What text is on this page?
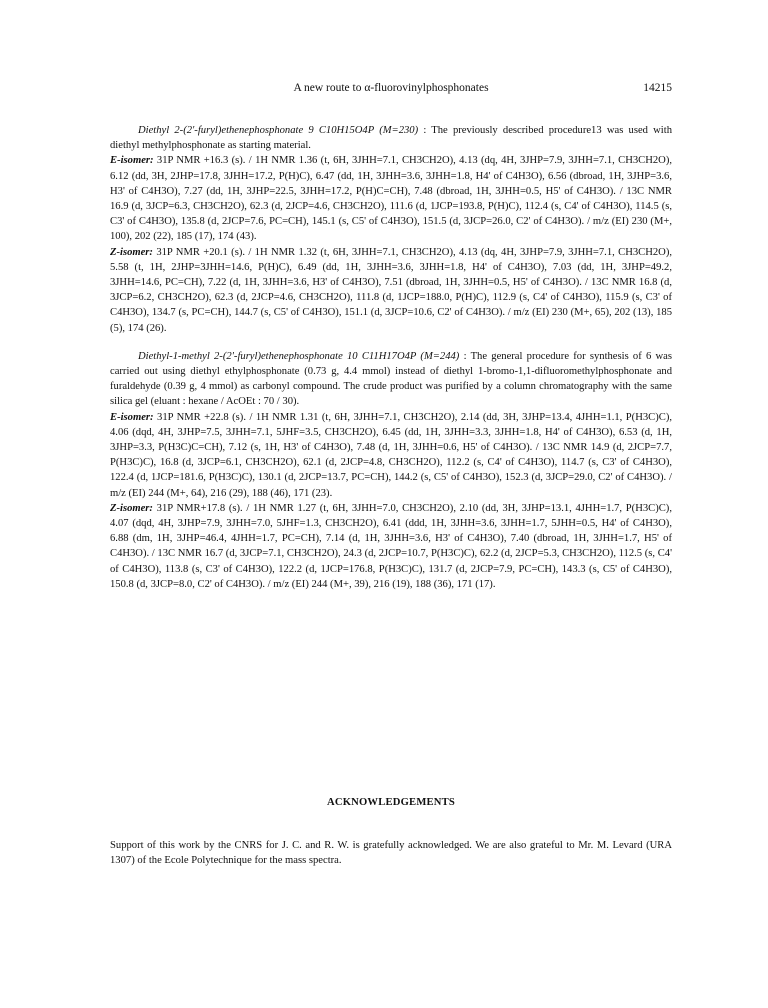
A new route to α-fluorovinylphosphonates	14215

Diethyl 2-(2'-furyl)ethenephosphonate 9 C10H15O4P (M=230) : The previously described procedure13 was used with diethyl methylphosphonate as starting material.

E-isomer: 31P NMR +16.3 (s). / 1H NMR 1.36 (t, 6H, 3JHH=7.1, CH3CH2O), 4.13 (dq, 4H, 3JHP=7.9, 3JHH=7.1, CH3CH2O), 6.12 (dd, 3H, 2JHP=17.8, 3JHH=17.2, P(H)C), 6.47 (dd, 1H, 3JHH=3.6, 3JHH=1.8, H4' of C4H3O), 6.56 (dbroad, 1H, 3JHP=3.6, H3' of C4H3O), 7.27 (dd, 1H, 3JHP=22.5, 3JHH=17.2, P(H)C=CH), 7.48 (dbroad, 1H, 3JHH=0.5, H5' of C4H3O). / 13C NMR 16.9 (d, 3JCP=6.3, CH3CH2O), 62.3 (d, 2JCP=4.6, CH3CH2O), 111.6 (d, 1JCP=193.8, P(H)C), 112.4 (s, C4' of C4H3O), 114.5 (s, C3' of C4H3O), 135.8 (d, 2JCP=7.6, PC=CH), 145.1 (s, C5' of C4H3O), 151.5 (d, 3JCP=26.0, C2' of C4H3O). / m/z (EI) 230 (M+, 100), 202 (22), 185 (17), 174 (43).

Z-isomer: 31P NMR +20.1 (s). / 1H NMR 1.32 (t, 6H, 3JHH=7.1, CH3CH2O), 4.13 (dq, 4H, 3JHP=7.9, 3JHH=7.1, CH3CH2O), 5.58 (t, 1H, 2JHP=3JHH=14.6, P(H)C), 6.49 (dd, 1H, 3JHH=3.6, 3JHH=1.8, H4' of C4H3O), 7.03 (dd, 1H, 3JHP=49.2, 3JHH=14.6, PC=CH), 7.22 (d, 1H, 3JHH=3.6, H3' of C4H3O), 7.51 (dbroad, 1H, 3JHH=0.5, H5' of C4H3O). / 13C NMR 16.8 (d, 3JCP=6.2, CH3CH2O), 62.3 (d, 2JCP=4.6, CH3CH2O), 111.8 (d, 1JCP=188.0, P(H)C), 112.9 (s, C4' of C4H3O), 115.9 (s, C3' of C4H3O), 134.7 (s, PC=CH), 144.7 (s, C5' of C4H3O), 151.1 (d, 3JCP=10.6, C2' of C4H3O). / m/z (EI) 230 (M+, 65), 202 (13), 185 (5), 174 (26).

Diethyl-1-methyl 2-(2'-furyl)ethenephosphonate 10 C11H17O4P (M=244) : The general procedure for synthesis of 6 was carried out using diethyl ethylphosphonate (0.73 g, 4.4 mmol) instead of diethyl 1-bromo-1,1-difluoromethylphosphonate and furaldehyde (0.39 g, 4 mmol) as carbonyl compound. The crude product was purified by a column chromatography with the same silica gel (eluant : hexane / AcOEt : 70 / 30).

E-isomer: 31P NMR +22.8 (s). / 1H NMR 1.31 (t, 6H, 3JHH=7.1, CH3CH2O), 2.14 (dd, 3H, 3JHP=13.4, 4JHH=1.1, P(H3C)C), 4.06 (dqd, 4H, 3JHP=7.5, 3JHH=7.1, 5JHF=3.5, CH3CH2O), 6.45 (dd, 1H, 3JHH=3.3, 3JHH=1.8, H4' of C4H3O), 6.53 (d, 1H, 3JHP=3.3, P(H3C)C=CH), 7.12 (s, 1H, H3' of C4H3O), 7.48 (d, 1H, 3JHH=0.6, H5' of C4H3O). / 13C NMR 14.9 (d, 2JCP=7.7, P(H3C)C), 16.8 (d, 3JCP=6.1, CH3CH2O), 62.1 (d, 2JCP=4.8, CH3CH2O), 112.2 (s, C4' of C4H3O), 114.7 (s, C3' of C4H3O), 122.4 (d, 1JCP=181.6, P(H3C)C), 130.1 (d, 2JCP=13.7, PC=CH), 144.2 (s, C5' of C4H3O), 152.3 (d, 3JCP=29.0, C2' of C4H3O). / m/z (EI) 244 (M+, 64), 216 (29), 188 (46), 171 (23).

Z-isomer: 31P NMR+17.8 (s). / 1H NMR 1.27 (t, 6H, 3JHH=7.0, CH3CH2O), 2.10 (dd, 3H, 3JHP=13.1, 4JHH=1.7, P(H3C)C), 4.07 (dqd, 4H, 3JHP=7.9, 3JHH=7.0, 5JHF=1.3, CH3CH2O), 6.41 (ddd, 1H, 3JHH=3.6, 3JHH=1.7, 5JHH=0.5, H4' of C4H3O), 6.88 (dm, 1H, 3JHP=46.4, 4JHH=1.7, PC=CH), 7.14 (d, 1H, 3JHH=3.6, H3' of C4H3O), 7.40 (dbroad, 1H, 3JHH=1.7, H5' of C4H3O). / 13C NMR 16.7 (d, 3JCP=7.1, CH3CH2O), 24.3 (d, 2JCP=10.7, P(H3C)C), 62.2 (d, 2JCP=5.3, CH3CH2O), 112.5 (s, C4' of C4H3O), 113.8 (s, C3' of C4H3O), 122.2 (d, 1JCP=176.8, P(H3C)C), 131.7 (d, 2JCP=7.9, PC=CH), 143.3 (s, C5' of C4H3O), 150.8 (d, 3JCP=8.0, C2' of C4H3O). / m/z (EI) 244 (M+, 39), 216 (19), 188 (36), 171 (17).

ACKNOWLEDGEMENTS

Support of this work by the CNRS for J. C. and R. W. is gratefully acknowledged. We are also grateful to Mr. M. Levard (URA 1307) of the Ecole Polytechnique for the mass spectra.
